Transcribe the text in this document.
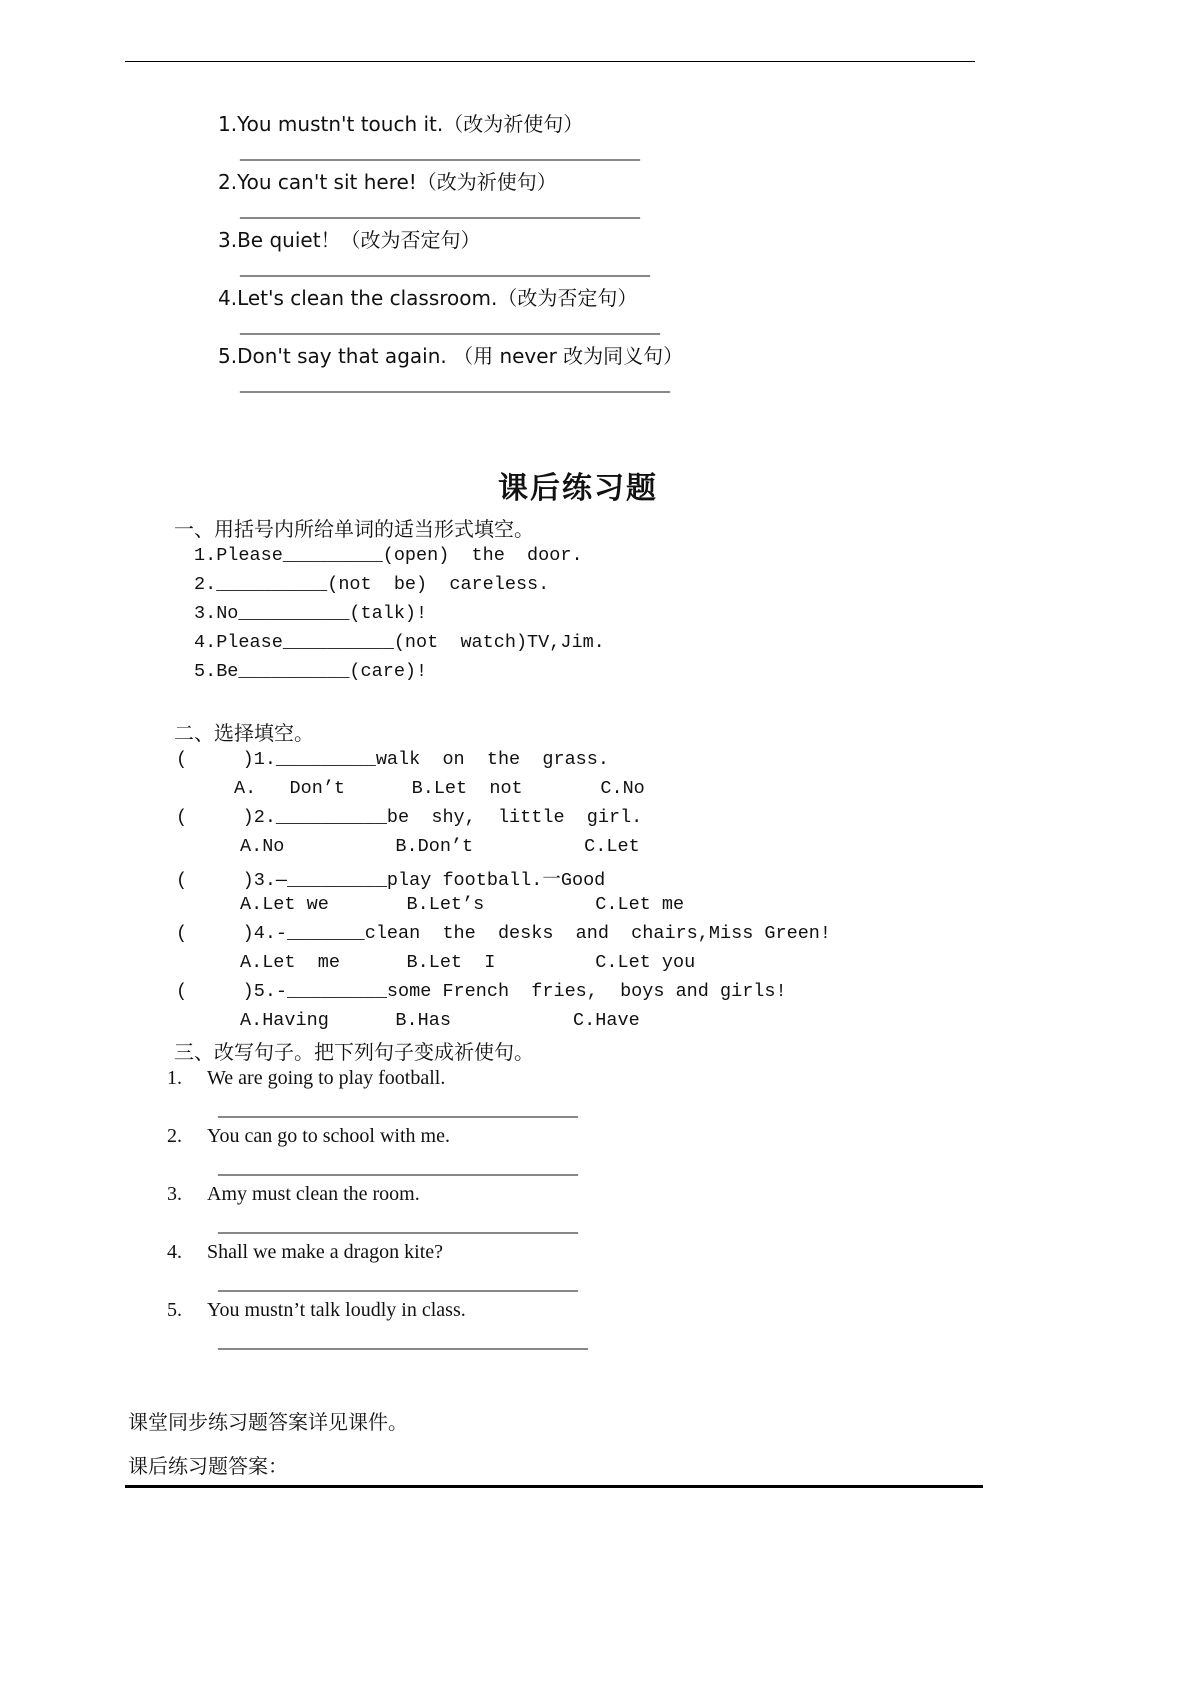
1.You mustn't touch it.（改为祈使句）
________________________________________
2.You can't sit here!（改为祈使句）
________________________________________
3.Be quiet！（改为否定句）
_________________________________________
4.Let's clean the classroom.（改为否定句）
__________________________________________
5.Don't say that again. （用 never 改为同义句）
___________________________________________
课后练习题
一、用括号内所给单词的适当形式填空。
1.Please_________(open)  the  door.
2.__________(not  be)  careless.
3.No__________(talk)!
4.Please__________(not  watch)TV,Jim.
5.Be__________(care)!
二、选择填空。
(     )1._________walk  on  the  grass.
A.   Don’t      B.Let  not       C.No
(     )2.__________be  shy,  little  girl.
A.No          B.Don’t          C.Let
(     )3.—_________play football.一Good
A.Let we       B.Let’s          C.Let me
(     )4.-_______clean  the  desks  and  chairs,Miss Green!
A.Let  me      B.Let  I         C.Let you
(     )5.-_________some French  fries,  boys and girls!
A.Having      B.Has           C.Have
三、改写句子。把下列句子变成祈使句。
1. We are going to play football.
____________________________________
2. You can go to school with me.
____________________________________
3. Amy must clean the room.
____________________________________
4. Shall we make a dragon kite?
____________________________________
5. You mustn’t talk loudly in class.
_____________________________________
课堂同步练习题答案详见课件。
课后练习题答案：
